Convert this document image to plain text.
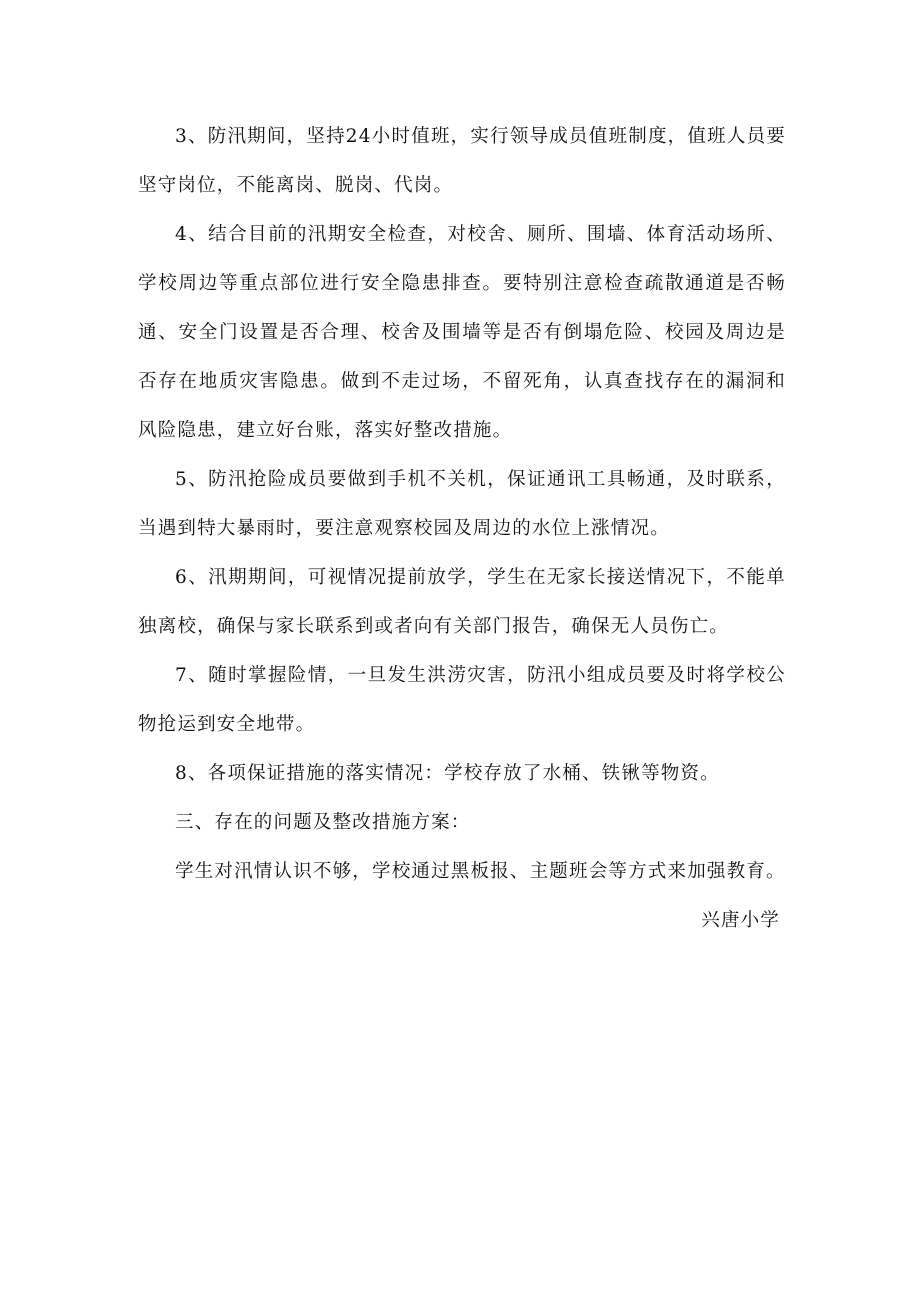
3、防汛期间，坚持24小时值班，实行领导成员值班制度，值班人员要坚守岗位，不能离岗、脱岗、代岗。

4、结合目前的汛期安全检查，对校舍、厕所、围墙、体育活动场所、学校周边等重点部位进行安全隐患排查。要特别注意检查疏散通道是否畅通、安全门设置是否合理、校舍及围墙等是否有倒塌危险、校园及周边是否存在地质灾害隐患。做到不走过场，不留死角，认真查找存在的漏洞和风险隐患，建立好台账，落实好整改措施。

5、防汛抢险成员要做到手机不关机，保证通讯工具畅通，及时联系，当遇到特大暴雨时，要注意观察校园及周边的水位上涨情况。

6、汛期期间，可视情况提前放学，学生在无家长接送情况下，不能单独离校，确保与家长联系到或者向有关部门报告，确保无人员伤亡。

7、随时掌握险情，一旦发生洪涝灾害，防汛小组成员要及时将学校公物抢运到安全地带。

8、各项保证措施的落实情况：学校存放了水桶、铁锹等物资。

三、存在的问题及整改措施方案：

学生对汛情认识不够，学校通过黑板报、主题班会等方式来加强教育。

兴唐小学
